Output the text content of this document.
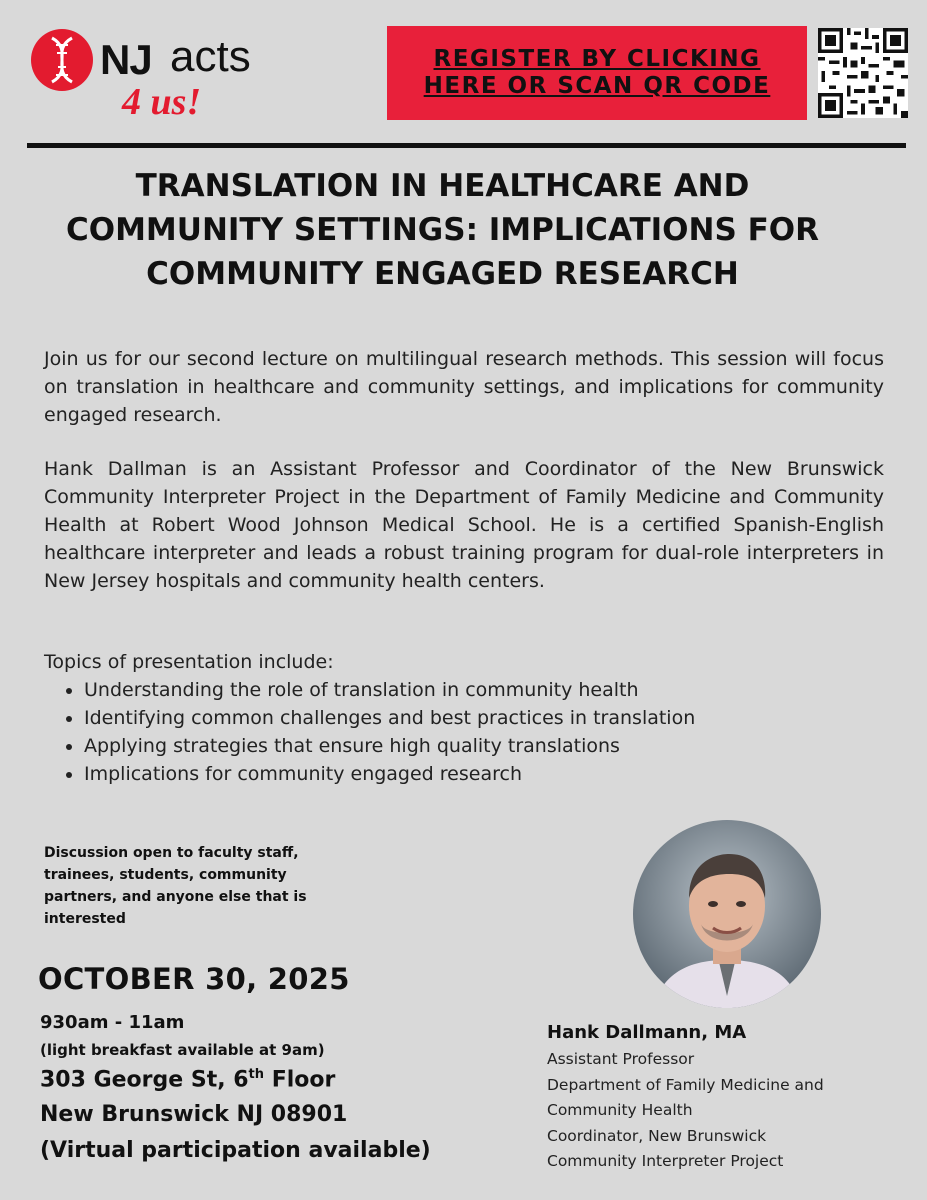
NJ acts
4 us!
REGISTER BY CLICKING HERE OR SCAN QR CODE
TRANSLATION IN HEALTHCARE AND COMMUNITY SETTINGS: IMPLICATIONS FOR COMMUNITY ENGAGED RESEARCH

Join us for our second lecture on multilingual research methods. This session will focus on translation in healthcare and community settings, and implications for community engaged research.

Hank Dallman is an Assistant Professor and Coordinator of the New Brunswick Community Interpreter Project in the Department of Family Medicine and Community Health at Robert Wood Johnson Medical School. He is a certified Spanish-English healthcare interpreter and leads a robust training program for dual-role interpreters in New Jersey hospitals and community health centers.

Topics of presentation include:

• Understanding the role of translation in community health
• Identifying common challenges and best practices in translation
• Applying strategies that ensure high quality translations
• Implications for community engaged research

Discussion open to faculty staff, trainees, students, community partners, and anyone else that is interested

OCTOBER 30, 2025
930am - 11am
(light breakfast available at 9am)
303 George St, 6th Floor
New Brunswick NJ 08901
(Virtual participation available)
Hank Dallmann, MA
Assistant Professor
Department of Family Medicine and
Community Health
Coordinator, New Brunswick
Community Interpreter Project
